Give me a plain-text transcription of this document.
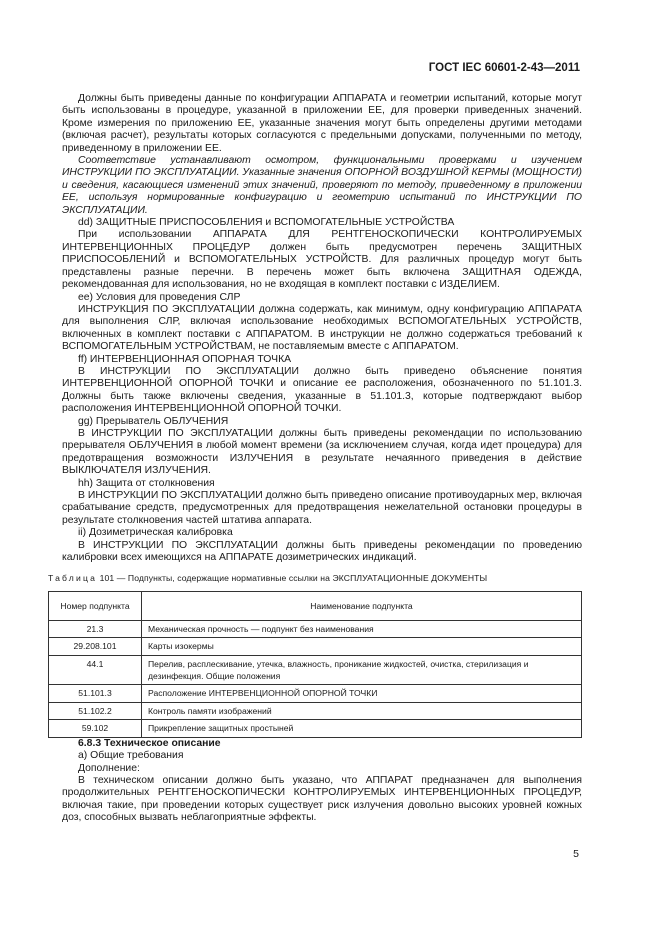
ГОСТ IEC 60601-2-43—2011

Должны быть приведены данные по конфигурации АППАРАТА и геометрии испытаний, которые могут быть использованы в процедуре, указанной в приложении ЕЕ, для проверки приведенных значений. Кроме измерения по приложению ЕЕ, указанные значения могут быть определены другими методами (включая расчет), результаты которых согласуются с предельными допусками, полученными по методу, приведенному в приложении ЕЕ.

Соответствие устанавливают осмотром, функциональными проверками и изучением ИНСТРУКЦИИ ПО ЭКСПЛУАТАЦИИ. Указанные значения ОПОРНОЙ ВОЗДУШНОЙ КЕРМЫ (МОЩНОСТИ) и сведения, касающиеся изменений этих значений, проверяют по методу, приведенному в приложении ЕЕ, используя нормированные конфигурацию и геометрию испытаний по ИНСТРУКЦИИ ПО ЭКСПЛУАТАЦИИ.

dd) ЗАЩИТНЫЕ ПРИСПОСОБЛЕНИЯ и ВСПОМОГАТЕЛЬНЫЕ УСТРОЙСТВА

При использовании АППАРАТА ДЛЯ РЕНТГЕНОСКОПИЧЕСКИ КОНТРОЛИРУЕМЫХ ИНТЕРВЕНЦИОННЫХ ПРОЦЕДУР должен быть предусмотрен перечень ЗАЩИТНЫХ ПРИСПОСОБЛЕНИЙ и ВСПОМОГАТЕЛЬНЫХ УСТРОЙСТВ. Для различных процедур могут быть представлены разные перечни. В перечень может быть включена ЗАЩИТНАЯ ОДЕЖДА, рекомендованная для использования, но не входящая в комплект поставки с ИЗДЕЛИЕМ.

ee) Условия для проведения СЛР

ИНСТРУКЦИЯ ПО ЭКСПЛУАТАЦИИ должна содержать, как минимум, одну конфигурацию АППАРАТА для выполнения СЛР, включая использование необходимых ВСПОМОГАТЕЛЬНЫХ УСТРОЙСТВ, включенных в комплект поставки с АППАРАТОМ. В инструкции не должно содержаться требований к ВСПОМОГАТЕЛЬНЫМ УСТРОЙСТВАМ, не поставляемым вместе с АППАРАТОМ.

ff) ИНТЕРВЕНЦИОННАЯ ОПОРНАЯ ТОЧКА

В ИНСТРУКЦИИ ПО ЭКСПЛУАТАЦИИ должно быть приведено объяснение понятия ИНТЕРВЕНЦИОННОЙ ОПОРНОЙ ТОЧКИ и описание ее расположения, обозначенного по 51.101.3. Должны быть также включены сведения, указанные в 51.101.3, которые подтверждают выбор расположения ИНТЕРВЕНЦИОННОЙ ОПОРНОЙ ТОЧКИ.

gg) Прерыватель ОБЛУЧЕНИЯ

В ИНСТРУКЦИИ ПО ЭКСПЛУАТАЦИИ должны быть приведены рекомендации по использованию прерывателя ОБЛУЧЕНИЯ в любой момент времени (за исключением случая, когда идет процедура) для предотвращения возможности ИЗЛУЧЕНИЯ в результате нечаянного приведения в действие ВЫКЛЮЧАТЕЛЯ ИЗЛУЧЕНИЯ.

hh) Защита от столкновения

В ИНСТРУКЦИИ ПО ЭКСПЛУАТАЦИИ должно быть приведено описание противоударных мер, включая срабатывание средств, предусмотренных для предотвращения нежелательной остановки процедуры в результате столкновения частей штатива аппарата.

ii) Дозиметрическая калибровка

В ИНСТРУКЦИИ ПО ЭКСПЛУАТАЦИИ должны быть приведены рекомендации по проведению калибровки всех имеющихся на АППАРАТЕ дозиметрических индикаций.

Таблица 101 — Подпункты, содержащие нормативные ссылки на ЭКСПЛУАТАЦИОННЫЕ ДОКУМЕНТЫ
Номер подпункта	Наименование подпункта
21.3	Механическая прочность — подпункт без наименования
29.208.101	Карты изокермы
44.1	Перелив, расплескивание, утечка, влажность, проникание жидкостей, очистка, стерилизация и дезинфекция. Общие положения
51.101.3	Расположение ИНТЕРВЕНЦИОННОЙ ОПОРНОЙ ТОЧКИ
51.102.2	Контроль памяти изображений
59.102	Прикрепление защитных простыней

6.8.3 Техническое описание

а) Общие требования

Дополнение:

В техническом описании должно быть указано, что АППАРАТ предназначен для выполнения продолжительных РЕНТГЕНОСКОПИЧЕСКИ КОНТРОЛИРУЕМЫХ ИНТЕРВЕНЦИОННЫХ ПРОЦЕДУР, включая такие, при проведении которых существует риск излучения довольно высоких уровней кожных доз, способных вызвать неблагоприятные эффекты.

5
